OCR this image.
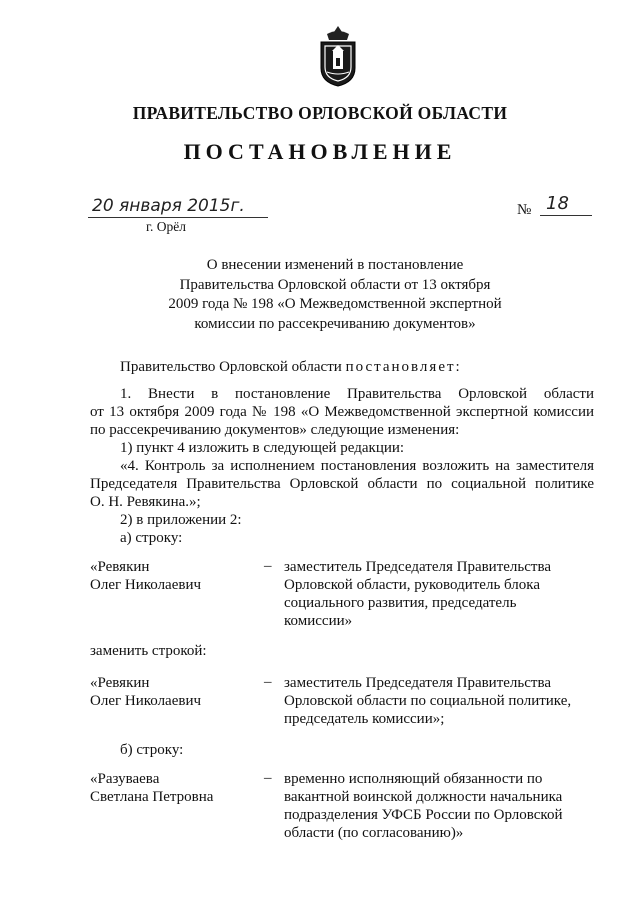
ПРАВИТЕЛЬСТВО ОРЛОВСКОЙ ОБЛАСТИ
ПОСТАНОВЛЕНИЕ
20 января 2015г.
г. Орёл
№ 18
О внесении изменений в постановление
Правительства Орловской области от 13 октября
2009 года № 198 «О Межведомственной экспертной
комиссии по рассекречиванию документов»
Правительство Орловской области постановляет:
1. Внести в постановление Правительства Орловской области
от 13 октября 2009 года № 198 «О Межведомственной экспертной комиссии
по рассекречиванию документов» следующие изменения:
1) пункт 4 изложить в следующей редакции:
«4. Контроль за исполнением постановления возложить на заместителя
Председателя Правительства Орловской области по социальной политике
О. Н. Ревякина.»;
2) в приложении 2:
а) строку:
«Ревякин
Олег Николаевич
– заместитель Председателя Правительства
Орловской области, руководитель блока
социального развития, председатель
комиссии»
заменить строкой:
«Ревякин
Олег Николаевич
– заместитель Председателя Правительства
Орловской области по социальной политике,
председатель комиссии»;
б) строку:
«Разуваева
Светлана Петровна
– временно исполняющий обязанности по
вакантной воинской должности начальника
подразделения УФСБ России по Орловской
области (по согласованию)»
